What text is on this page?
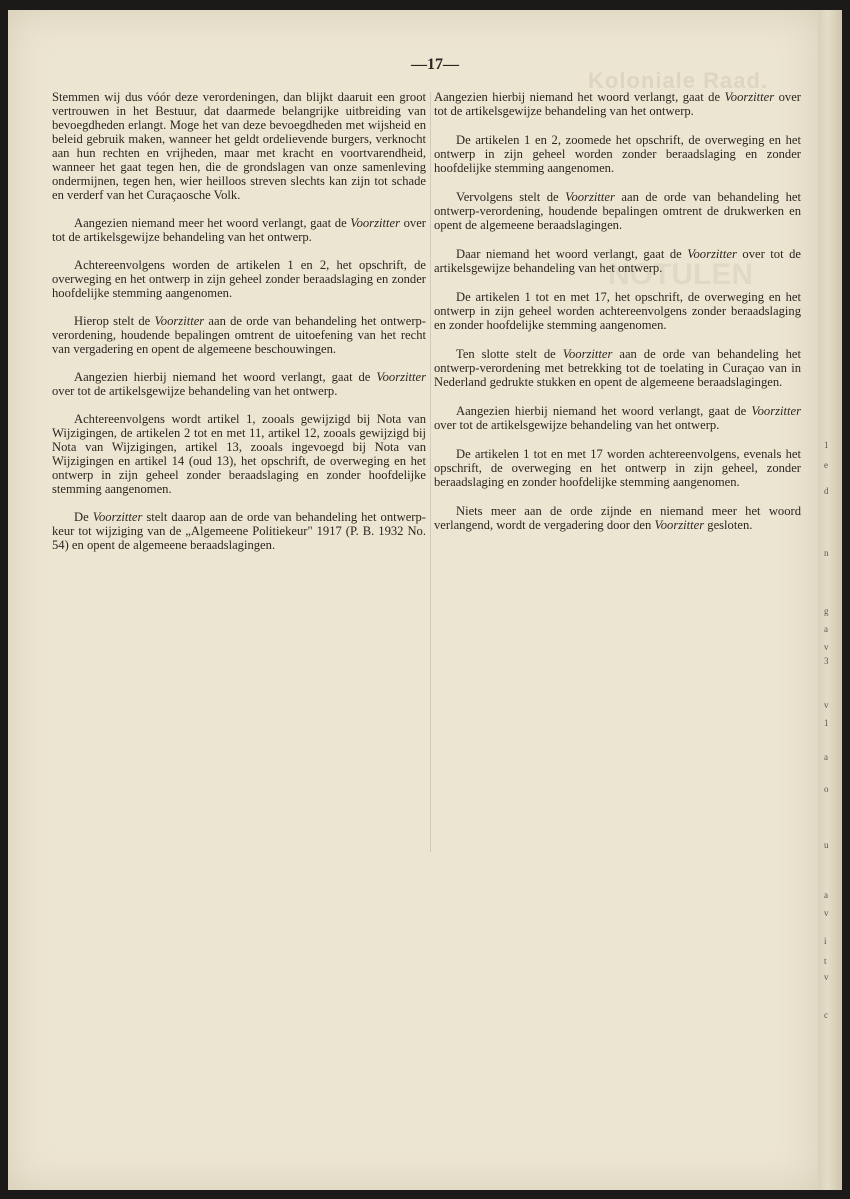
Koloniale Raad.
NOTULEN
1
e
d
n
g
a
v
3
v
1
a
o
u
a
v
i
t
v
c
—17—

Stemmen wij dus vóór deze verordeningen, dan blijkt daaruit een groot vertrouwen in het Bestuur, dat daarmede belangrijke uitbreiding van bevoegdheden erlangt. Moge het van deze bevoegdheden met wijsheid en beleid gebruik maken, wanneer het geldt ordelievende burgers, verknocht aan hun rechten en vrijheden, maar met kracht en voortvarendheid, wanneer het gaat tegen hen, die de grondslagen van onze samenleving ondermijnen, tegen hen, wier heilloos streven slechts kan zijn tot schade en verderf van het Curaçaosche Volk.

Aangezien niemand meer het woord verlangt, gaat de Voorzitter over tot de artikelsgewijze behandeling van het ontwerp.

Achtereenvolgens worden de artikelen 1 en 2, het opschrift, de overweging en het ontwerp in zijn geheel zonder beraadslaging en zonder hoofdelijke stemming aangenomen.

Hierop stelt de Voorzitter aan de orde van behandeling het ontwerp-verordening, houdende bepalingen omtrent de uitoefening van het recht van vergadering en opent de algemeene beschouwingen.

Aangezien hierbij niemand het woord verlangt, gaat de Voorzitter over tot de artikelsgewijze behandeling van het ontwerp.

Achtereenvolgens wordt artikel 1, zooals gewijzigd bij Nota van Wijzigingen, de artikelen 2 tot en met 11, artikel 12, zooals gewijzigd bij Nota van Wijzigingen, artikel 13, zooals ingevoegd bij Nota van Wijzigingen en artikel 14 (oud 13), het opschrift, de overweging en het ontwerp in zijn geheel zonder beraadslaging en zonder hoofdelijke stemming aangenomen.

De Voorzitter stelt daarop aan de orde van behandeling het ontwerp-keur tot wijziging van de „Algemeene Politiekeur" 1917 (P. B. 1932 No. 54) en opent de algemeene beraadslagingen.

Aangezien hierbij niemand het woord verlangt, gaat de Voorzitter over tot de artikelsgewijze behandeling van het ontwerp.

De artikelen 1 en 2, zoomede het opschrift, de overweging en het ontwerp in zijn geheel worden zonder beraadslaging en zonder hoofdelijke stemming aangenomen.

Vervolgens stelt de Voorzitter aan de orde van behandeling het ontwerp-verordening, houdende bepalingen omtrent de drukwerken en opent de algemeene beraadslagingen.

Daar niemand het woord verlangt, gaat de Voorzitter over tot de artikelsgewijze behandeling van het ontwerp.

De artikelen 1 tot en met 17, het opschrift, de overweging en het ontwerp in zijn geheel worden achtereenvolgens zonder beraadslaging en zonder hoofdelijke stemming aangenomen.

Ten slotte stelt de Voorzitter aan de orde van behandeling het ontwerp-verordening met betrekking tot de toelating in Curaçao van in Nederland gedrukte stukken en opent de algemeene beraadslagingen.

Aangezien hierbij niemand het woord verlangt, gaat de Voorzitter over tot de artikelsgewijze behandeling van het ontwerp.

De artikelen 1 tot en met 17 worden achtereenvolgens, evenals het opschrift, de overweging en het ontwerp in zijn geheel, zonder beraadslaging en zonder hoofdelijke stemming aangenomen.

Niets meer aan de orde zijnde en niemand meer het woord verlangend, wordt de vergadering door den Voorzitter gesloten.
